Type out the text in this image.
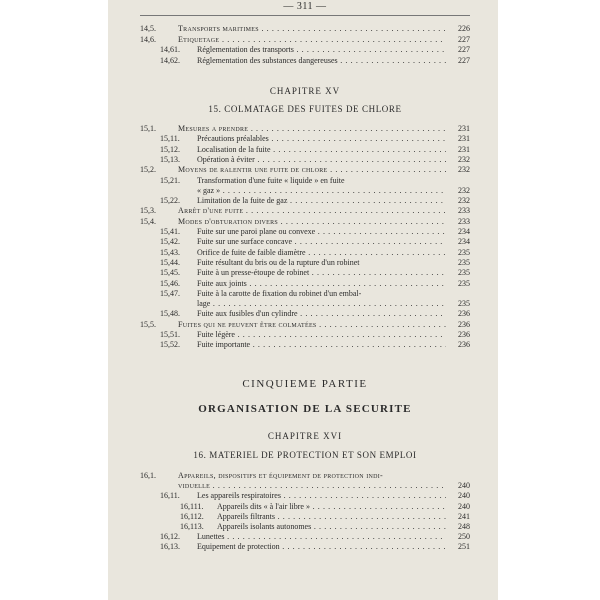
— 311 —
14,5.	Transports maritimes . . .	226
14,6.	Etiquetage . . .	227
14,61. Réglementation des transports . . .	227
14,62. Réglementation des substances dangereuses . . .	227
CHAPITRE XV
15. COLMATAGE DES FUITES DE CHLORE
15,1.	Mesures a prendre . . .	231
15,11. Précautions préalables . . .	231
15,12. Localisation de la fuite . . .	231
15,13. Opération à éviter . . .	232
15,2.	Moyens de ralentir une fuite de chlore . . .	232
15,21. Transformation d'une fuite « liquide » en fuite
« gaz » . . .	232
15,22. Limitation de la fuite de gaz . . .	232
15,3.	Arrêt d'une fuite . . .	233
15,4.	Modes d'obturation divers . . .	233
15,41. Fuite sur une paroi plane ou convexe . . .	234
15,42. Fuite sur une surface concave . . .	234
15,43. Orifice de fuite de faible diamètre . . .	235
15,44. Fuite résultant du bris ou de la rupture d'un robinet	235
15,45. Fuite à un presse-étoupe de robinet . . .	235
15,46. Fuite aux joints . . .	235
15,47. Fuite à la carotte de fixation du robinet d'un embal-
lage . . .	235
15,48. Fuite aux fusibles d'un cylindre . . .	236
15,5.	Fuites qui ne peuvent être colmatées . . .	236
15,51. Fuite légère . . .	236
15,52. Fuite importante . . .	236
CINQUIEME PARTIE
ORGANISATION DE LA SECURITE
CHAPITRE XVI
16. MATERIEL DE PROTECTION ET SON EMPLOI
16,1.	Appareils, dispositifs et équipement de protection indi-
viduelle . . .	240
16,11. Les appareils respiratoires . . .	240
16,111. Appareils dits « à l'air libre » . . .	240
16,112. Appareils filtrants . . .	241
16,113. Appareils isolants autonomes . . .	248
16,12. Lunettes . . .	250
16,13. Equipement de protection . . .	251
